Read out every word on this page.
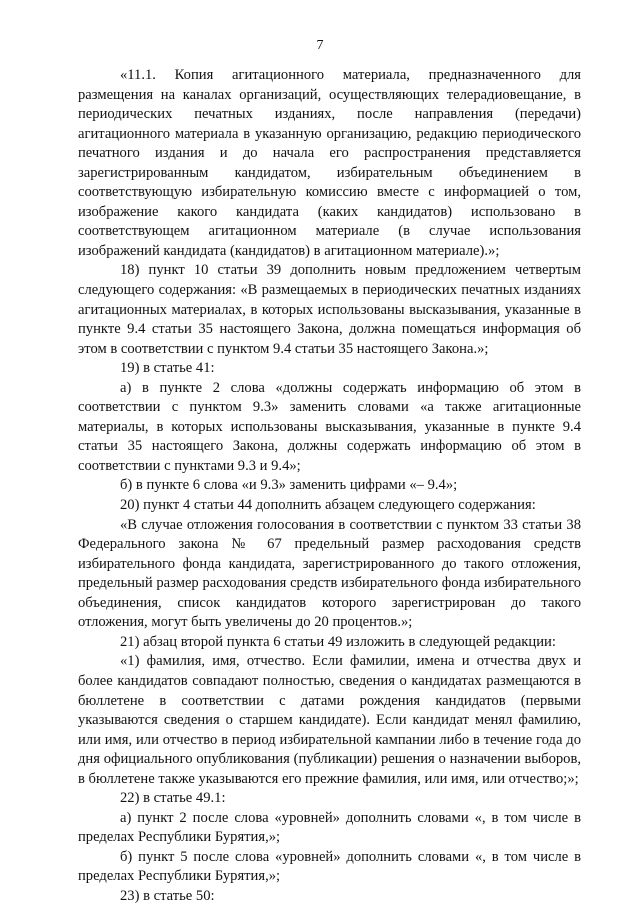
7

«11.1. Копия агитационного материала, предназначенного для размещения на каналах организаций, осуществляющих телерадиовещание, в периодических печатных изданиях, после направления (передачи) агитационного материала в указанную организацию, редакцию периодического печатного издания и до начала его распространения представляется зарегистрированным кандидатом, избирательным объединением в соответствующую избирательную комиссию вместе с информацией о том, изображение какого кандидата (каких кандидатов) использовано в соответствующем агитационном материале (в случае использования изображений кандидата (кандидатов) в агитационном материале).»;

18) пункт 10 статьи 39 дополнить новым предложением четвертым следующего содержания: «В размещаемых в периодических печатных изданиях агитационных материалах, в которых использованы высказывания, указанные в пункте 9.4 статьи 35 настоящего Закона, должна помещаться информация об этом в соответствии с пунктом 9.4 статьи 35 настоящего Закона.»;

19) в статье 41:

а) в пункте 2 слова «должны содержать информацию об этом в соответствии с пунктом 9.3» заменить словами «а также агитационные материалы, в которых использованы высказывания, указанные в пункте 9.4 статьи 35 настоящего Закона, должны содержать информацию об этом в соответствии с пунктами 9.3 и 9.4»;

б) в пункте 6 слова «и 9.3» заменить цифрами «– 9.4»;

20) пункт 4 статьи 44 дополнить абзацем следующего содержания:

«В случае отложения голосования в соответствии с пунктом 33 статьи 38 Федерального закона № 67 предельный размер расходования средств избирательного фонда кандидата, зарегистрированного до такого отложения, предельный размер расходования средств избирательного фонда избирательного объединения, список кандидатов которого зарегистрирован до такого отложения, могут быть увеличены до 20 процентов.»;

21) абзац второй пункта 6 статьи 49 изложить в следующей редакции:

«1) фамилия, имя, отчество. Если фамилии, имена и отчества двух и более кандидатов совпадают полностью, сведения о кандидатах размещаются в бюллетене в соответствии с датами рождения кандидатов (первыми указываются сведения о старшем кандидате). Если кандидат менял фамилию, или имя, или отчество в период избирательной кампании либо в течение года до дня официального опубликования (публикации) решения о назначении выборов, в бюллетене также указываются его прежние фамилия, или имя, или отчество;»;

22) в статье 49.1:

а) пункт 2 после слова «уровней» дополнить словами «, в том числе в пределах Республики Бурятия,»;

б) пункт 5 после слова «уровней» дополнить словами «, в том числе в пределах Республики Бурятия,»;

23) в статье 50:
